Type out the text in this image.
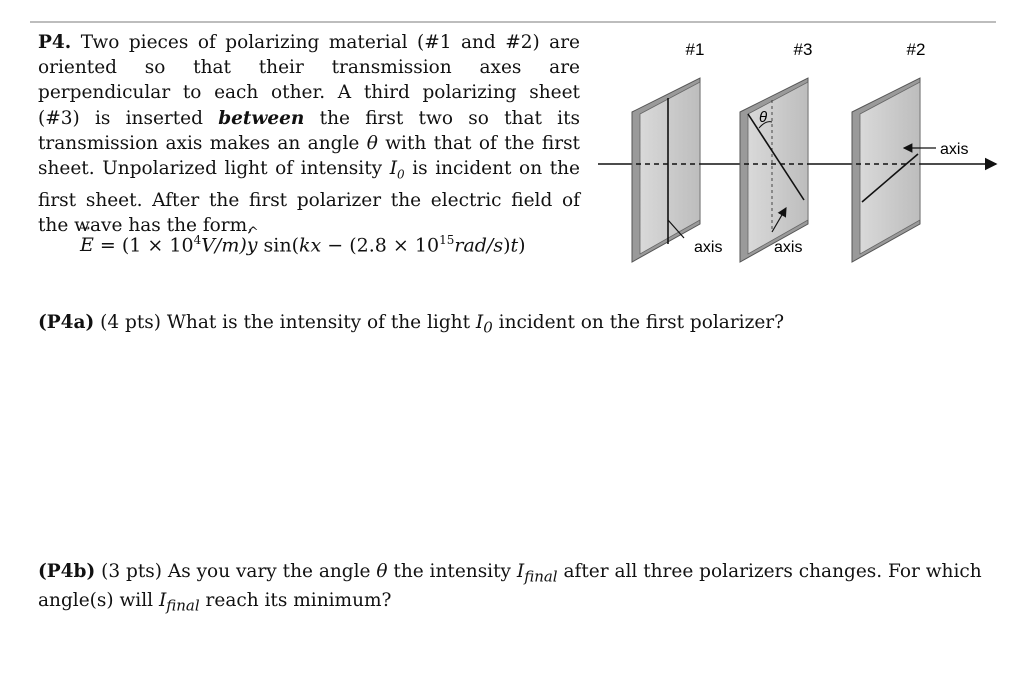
P4. Two pieces of polarizing material (#1 and #2) are oriented so that their transmission axes are perpendicular to each other. A third polarizing sheet (#3) is inserted between the first two so that its transmission axis makes an angle θ with that of the first sheet. Unpolarized light of intensity $I_0$ is incident on the first sheet. After the first polarizer the electric field of the wave has the form,
→ $E = (1 \times 10^4V/m)\^{}$ y $\sin(kx - (2.8 \times 10^{15}rad/s)t)$
#1	#3	#2
axis
θ
axis
axis
(P4a) (4 pts) What is the intensity of the light $I_0$ incident on the first polarizer?
(P4b) (3 pts) As you vary the angle θ the intensity $I_{final}$ after all three polarizers changes. For which angle(s) will $I_{final}$ reach its minimum?
